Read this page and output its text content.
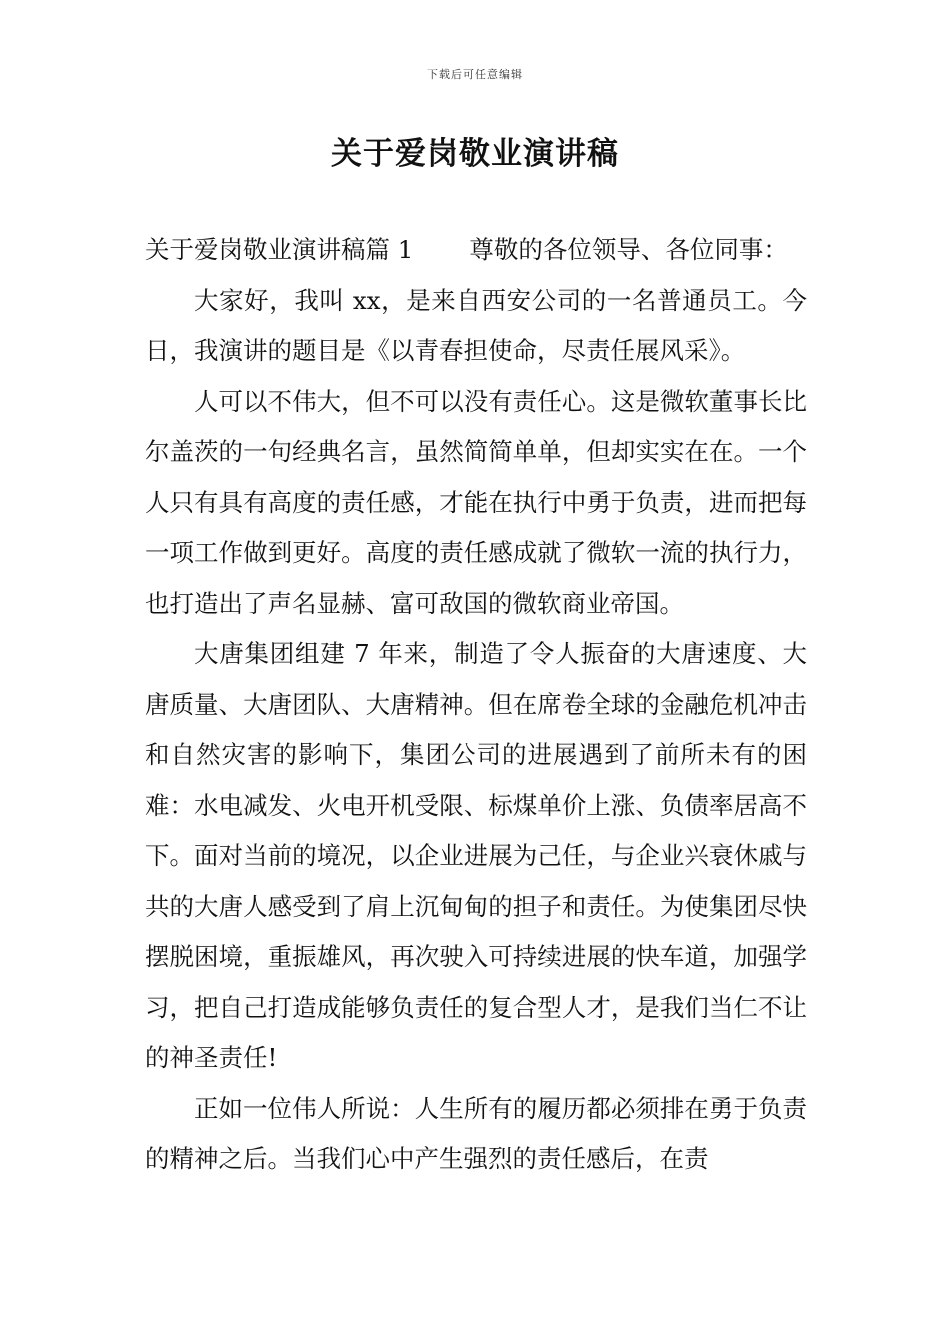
下载后可任意编辑
关于爱岗敬业演讲稿

关于爱岗敬业演讲稿篇 1 尊敬的各位领导、各位同事：

大家好，我叫 xx，是来自西安公司的一名普通员工。今日，我演讲的题目是《以青春担使命，尽责任展风采》。

人可以不伟大，但不可以没有责任心。这是微软董事长比尔盖茨的一句经典名言，虽然简简单单，但却实实在在。一个人只有具有高度的责任感，才能在执行中勇于负责，进而把每一项工作做到更好。高度的责任感成就了微软一流的执行力，也打造出了声名显赫、富可敌国的微软商业帝国。

大唐集团组建 7 年来，制造了令人振奋的大唐速度、大唐质量、大唐团队、大唐精神。但在席卷全球的金融危机冲击和自然灾害的影响下，集团公司的进展遇到了前所未有的困难：水电减发、火电开机受限、标煤单价上涨、负债率居高不下。面对当前的境况，以企业进展为己任，与企业兴衰休戚与共的大唐人感受到了肩上沉甸甸的担子和责任。为使集团尽快摆脱困境，重振雄风，再次驶入可持续进展的快车道，加强学习，把自己打造成能够负责任的复合型人才，是我们当仁不让的神圣责任!

正如一位伟人所说：人生所有的履历都必须排在勇于负责的精神之后。当我们心中产生强烈的责任感后，在责
